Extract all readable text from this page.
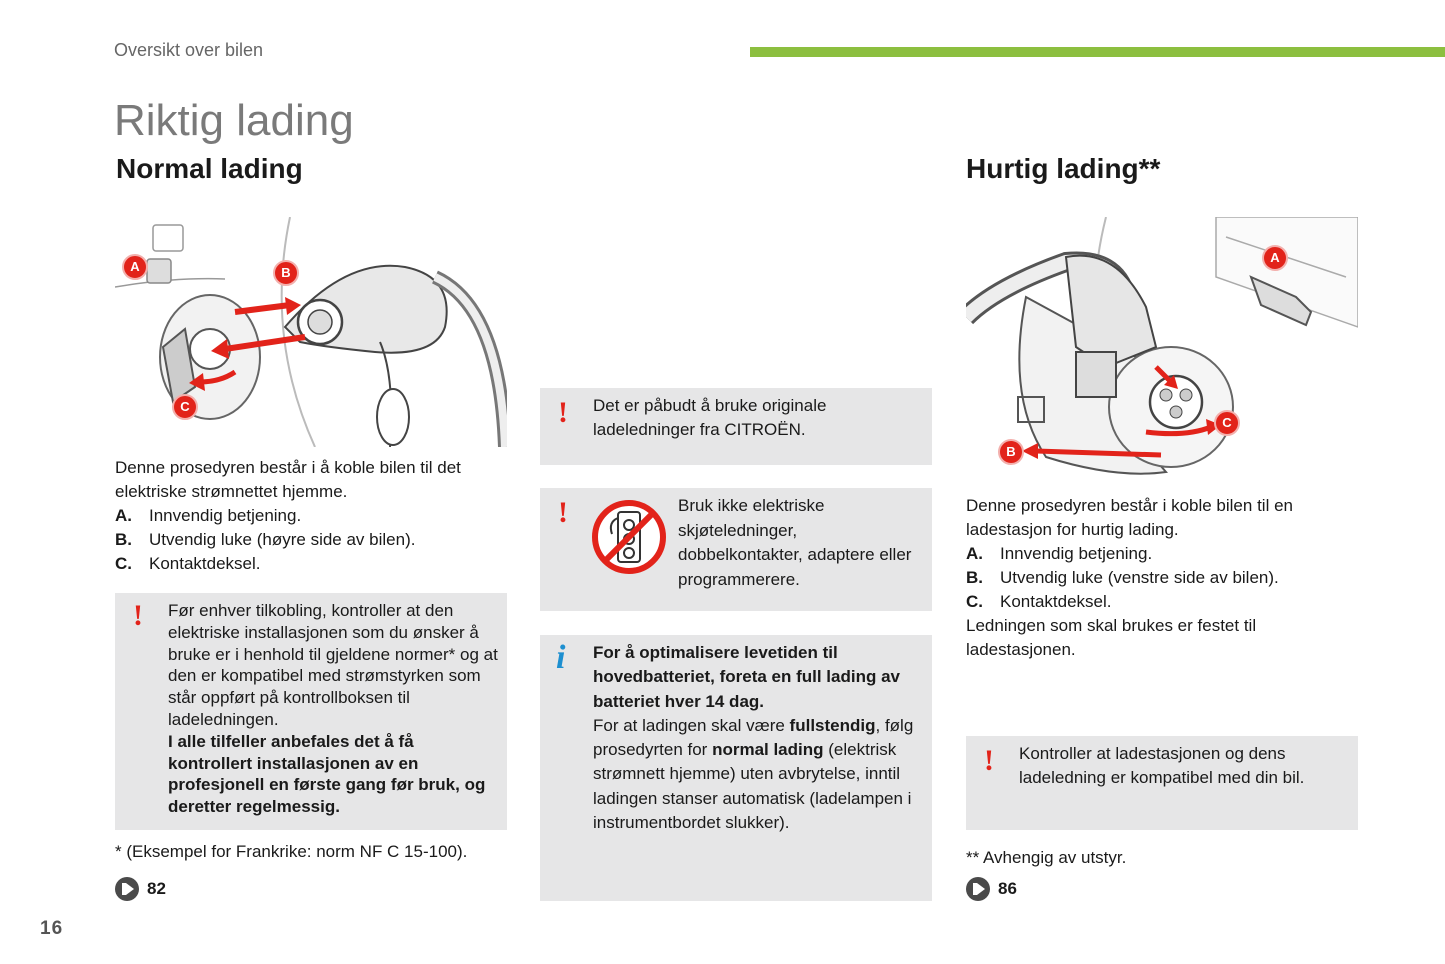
Oversikt over bilen
Riktig lading
Normal lading
A	B
C
Denne prosedyren består i å koble bilen til det elektriske strømnettet hjemme.
A.	Innvendig betjening.
B.	Utvendig luke (høyre side av bilen).
C.	Kontaktdeksel.
! Før enhver tilkobling, kontroller at den elektriske installasjonen som du ønsker å bruke er i henhold til gjeldene normer* og at den er kompatibel med strømstyrken som står oppført på kontrollboksen til ladeledningen.
I alle tilfeller anbefales det å få kontrollert installasjonen av en profesjonell en første gang før bruk, og deretter regelmessig.
* (Eksempel for Frankrike: norm NF C 15-100).
82
! Det er påbudt å bruke originale ladeledninger fra CITROËN.
!	Bruk ikke elektriske skjøteledninger, dobbelkontakter, adaptere eller programmerere.
i For å optimalisere levetiden til hovedbatteriet, foreta en full lading av batteriet hver 14 dag.
For at ladingen skal være fullstendig, følg prosedyrten for normal lading (elektrisk strømnett hjemme) uten avbrytelse, inntil ladingen stanser automatisk (ladelampen i instrumentbordet slukker).
Hurtig lading**
A
B
C
Denne prosedyren består i koble bilen til en ladestasjon for hurtig lading.
A.	Innvendig betjening.
B.	Utvendig luke (venstre side av bilen).
C.	Kontaktdeksel.
Ledningen som skal brukes er festet til ladestasjonen.
! Kontroller at ladestasjonen og dens ladeledning er kompatibel med din bil.
** Avhengig av utstyr.
86
16
